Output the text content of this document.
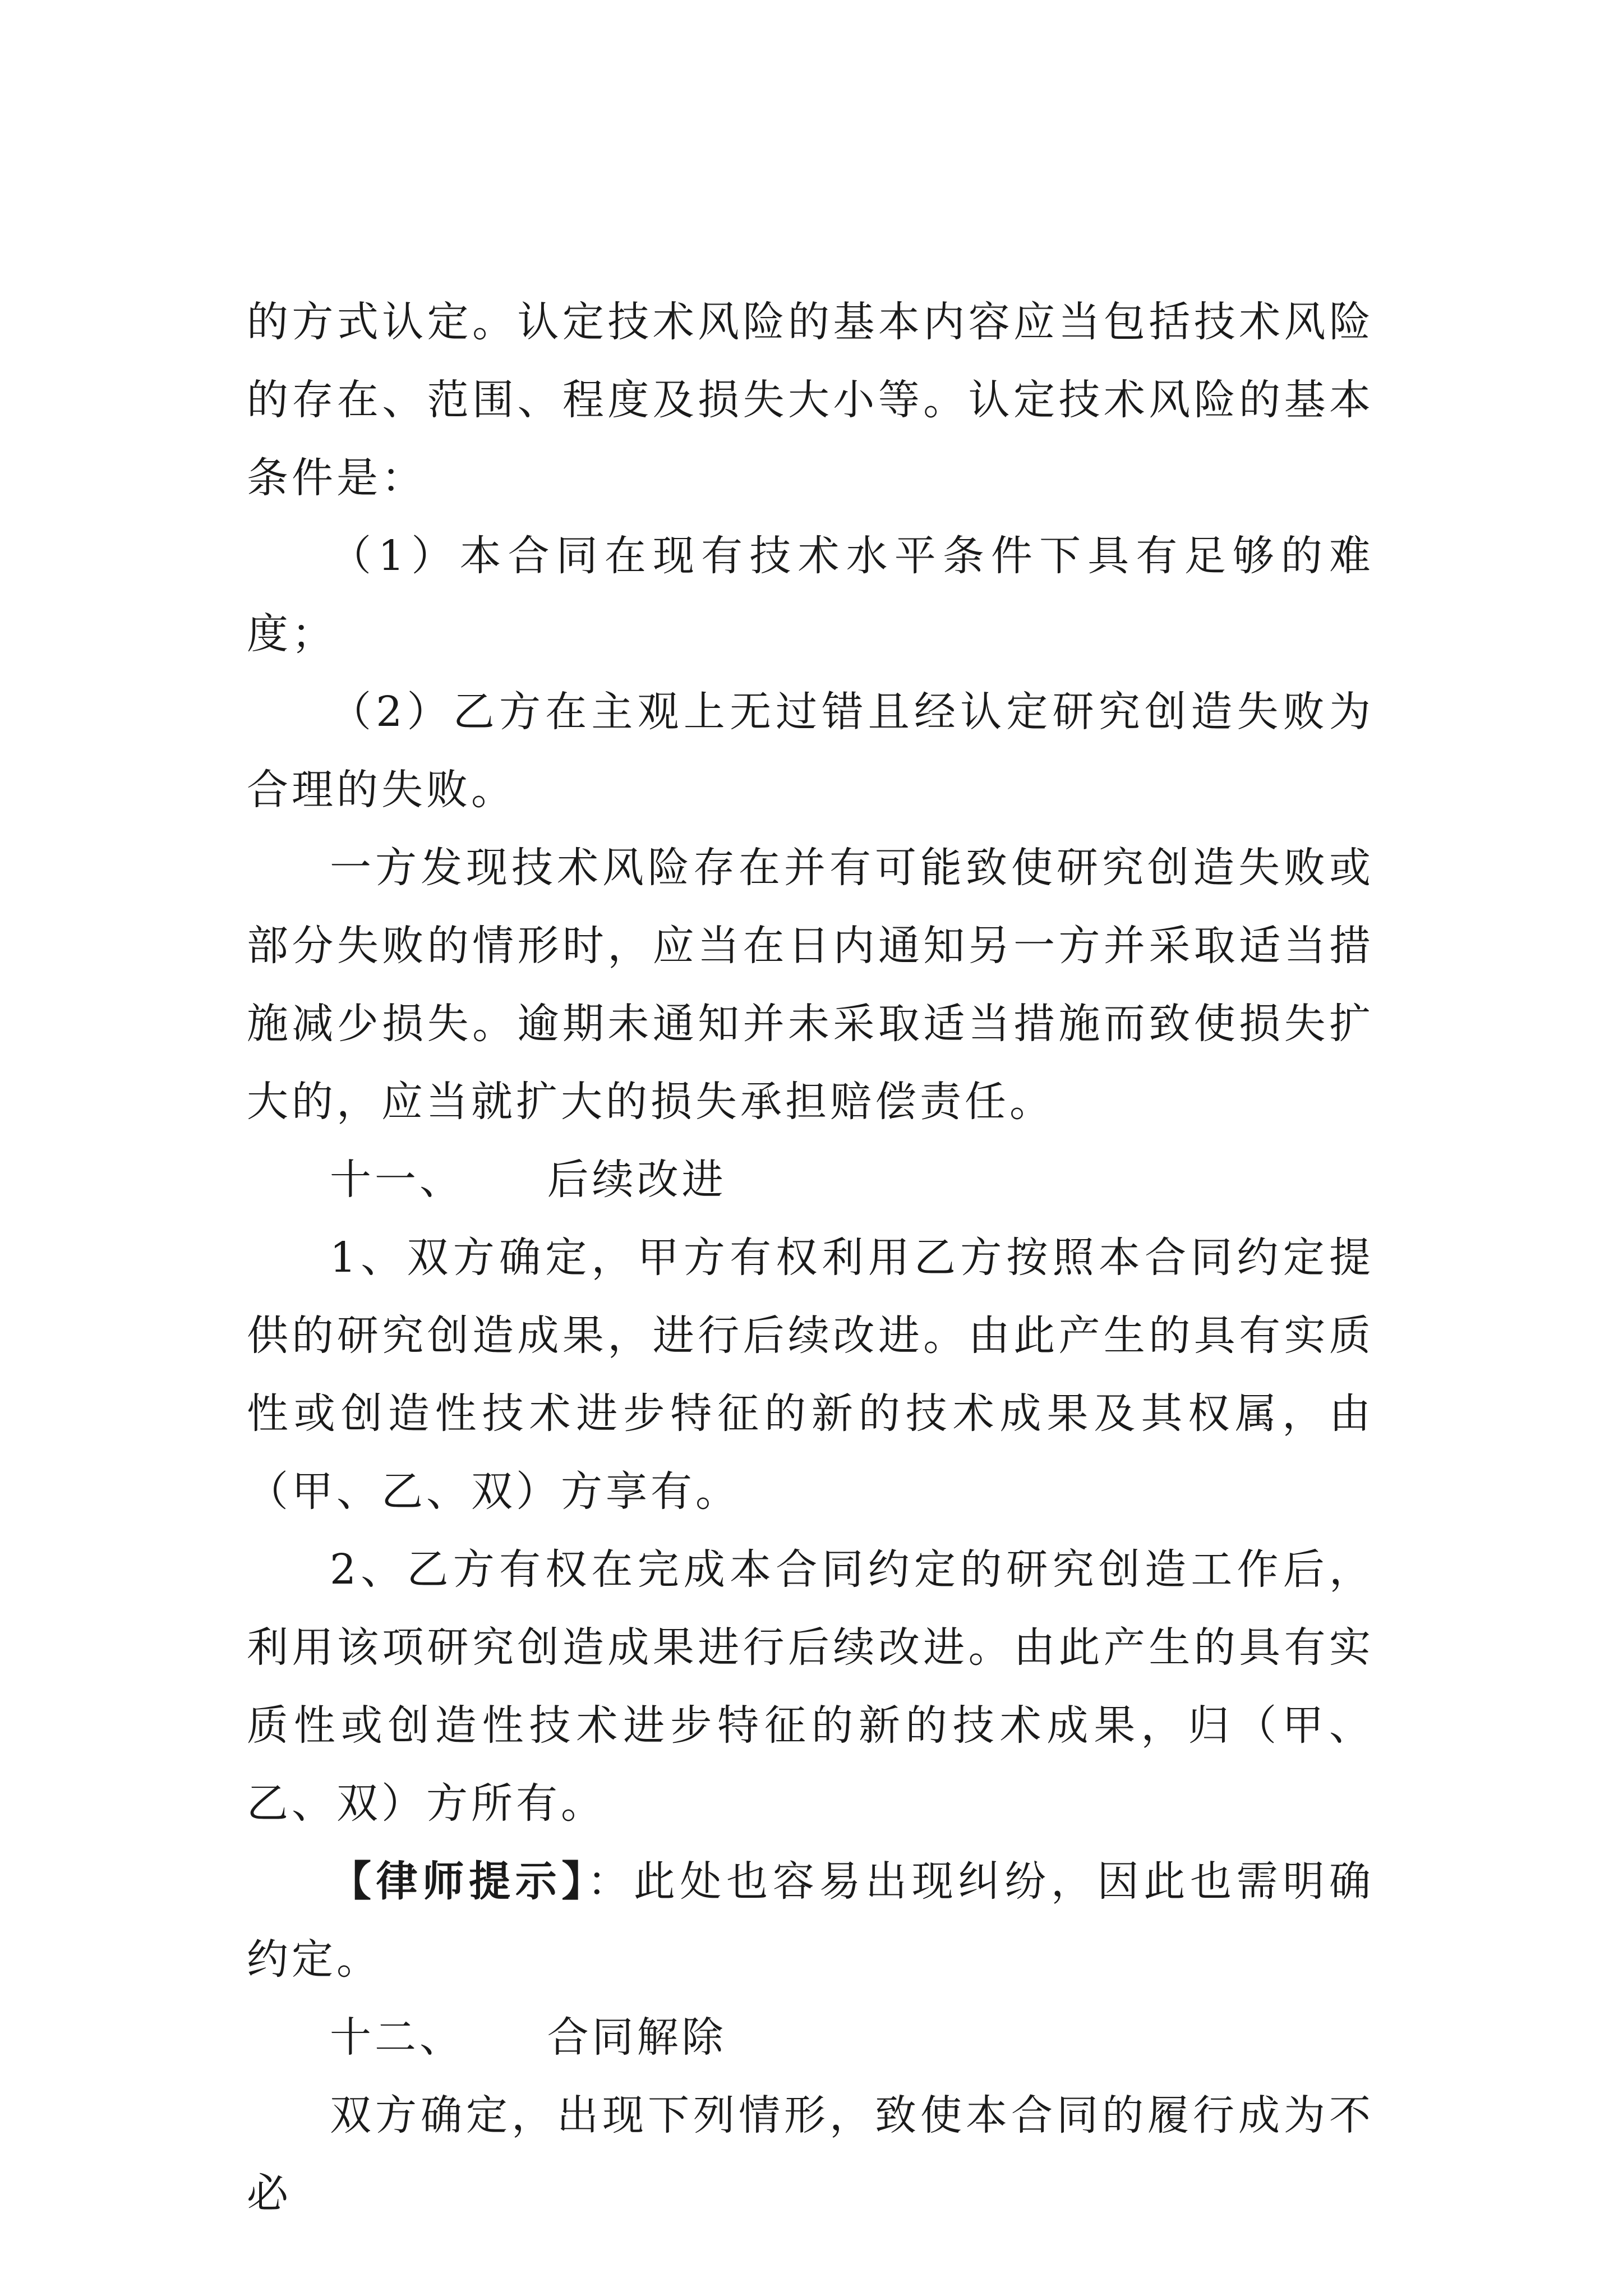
的方式认定。认定技术风险的基本内容应当包括技术风险的存在、范围、程度及损失大小等。认定技术风险的基本条件是：

（1）本合同在现有技术水平条件下具有足够的难度；

（2）乙方在主观上无过错且经认定研究创造失败为合理的失败。

一方发现技术风险存在并有可能致使研究创造失败或部分失败的情形时，应当在日内通知另一方并采取适当措施减少损失。逾期未通知并未采取适当措施而致使损失扩大的，应当就扩大的损失承担赔偿责任。

十一、 后续改进

1、双方确定，甲方有权利用乙方按照本合同约定提供的研究创造成果，进行后续改进。由此产生的具有实质性或创造性技术进步特征的新的技术成果及其权属，由（甲、乙、双）方享有。

2、乙方有权在完成本合同约定的研究创造工作后，利用该项研究创造成果进行后续改进。由此产生的具有实质性或创造性技术进步特征的新的技术成果，归（甲、乙、双）方所有。

【律师提示】：此处也容易出现纠纷，因此也需明确约定。

十二、 合同解除

双方确定，出现下列情形，致使本合同的履行成为不必
